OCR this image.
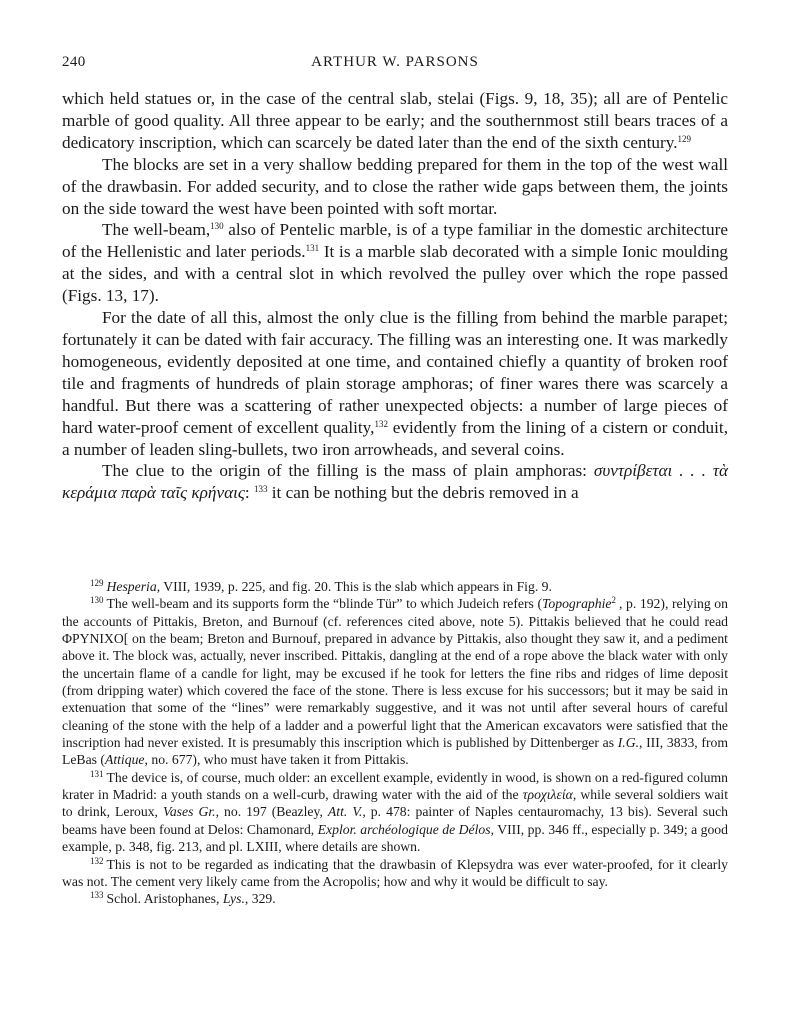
240	ARTHUR W. PARSONS

which held statues or, in the case of the central slab, stelai (Figs. 9, 18, 35); all are of Pentelic marble of good quality. All three appear to be early; and the southernmost still bears traces of a dedicatory inscription, which can scarcely be dated later than the end of the sixth century.$^{129}$

The blocks are set in a very shallow bedding prepared for them in the top of the west wall of the drawbasin. For added security, and to close the rather wide gaps between them, the joints on the side toward the west have been pointed with soft mortar.

The well-beam,$^{130}$ also of Pentelic marble, is of a type familiar in the domestic architecture of the Hellenistic and later periods.$^{131}$ It is a marble slab decorated with a simple Ionic moulding at the sides, and with a central slot in which revolved the pulley over which the rope passed (Figs. 13, 17).

For the date of all this, almost the only clue is the filling from behind the marble parapet; fortunately it can be dated with fair accuracy. The filling was an interesting one. It was markedly homogeneous, evidently deposited at one time, and contained chiefly a quantity of broken roof tile and fragments of hundreds of plain storage amphoras; of finer wares there was scarcely a handful. But there was a scattering of rather unexpected objects: a number of large pieces of hard water-proof cement of excellent quality,$^{132}$ evidently from the lining of a cistern or conduit, a number of leaden sling-bullets, two iron arrowheads, and several coins.

The clue to the origin of the filling is the mass of plain amphoras: συντρίβεται . . . τὰ κεράμια παρὰ ταῖς κρήναις: $^{133}$ it can be nothing but the debris removed in a

$^{129}$ Hesperia, VIII, 1939, p. 225, and fig. 20. This is the slab which appears in Fig. 9.

$^{130}$ The well-beam and its supports form the “blinde Tür” to which Judeich refers (Topographie$^2$ , p. 192), relying on the accounts of Pittakis, Breton, and Burnouf (cf. references cited above, note 5). Pittakis believed that he could read ΦΡΥΝΙΧΟ[ on the beam; Breton and Burnouf, prepared in advance by Pittakis, also thought they saw it, and a pediment above it. The block was, actually, never inscribed. Pittakis, dangling at the end of a rope above the black water with only the uncertain flame of a candle for light, may be excused if he took for letters the fine ribs and ridges of lime deposit (from dripping water) which covered the face of the stone. There is less excuse for his successors; but it may be said in extenuation that some of the “lines” were remarkably suggestive, and it was not until after several hours of careful cleaning of the stone with the help of a ladder and a powerful light that the American excavators were satisfied that the inscription had never existed. It is presumably this inscription which is published by Dittenberger as I.G., III, 3833, from LeBas (Attique, no. 677), who must have taken it from Pittakis.

$^{131}$ The device is, of course, much older: an excellent example, evidently in wood, is shown on a red-figured column krater in Madrid: a youth stands on a well-curb, drawing water with the aid of the τροχιλεία, while several soldiers wait to drink, Leroux, Vases Gr., no. 197 (Beazley, Att. V., p. 478: painter of Naples centauromachy, 13 bis). Several such beams have been found at Delos: Chamonard, Explor. archéologique de Délos, VIII, pp. 346 ff., especially p. 349; a good example, p. 348, fig. 213, and pl. LXIII, where details are shown.

$^{132}$ This is not to be regarded as indicating that the drawbasin of Klepsydra was ever water-proofed, for it clearly was not. The cement very likely came from the Acropolis; how and why it would be difficult to say.

$^{133}$ Schol. Aristophanes, Lys., 329.
